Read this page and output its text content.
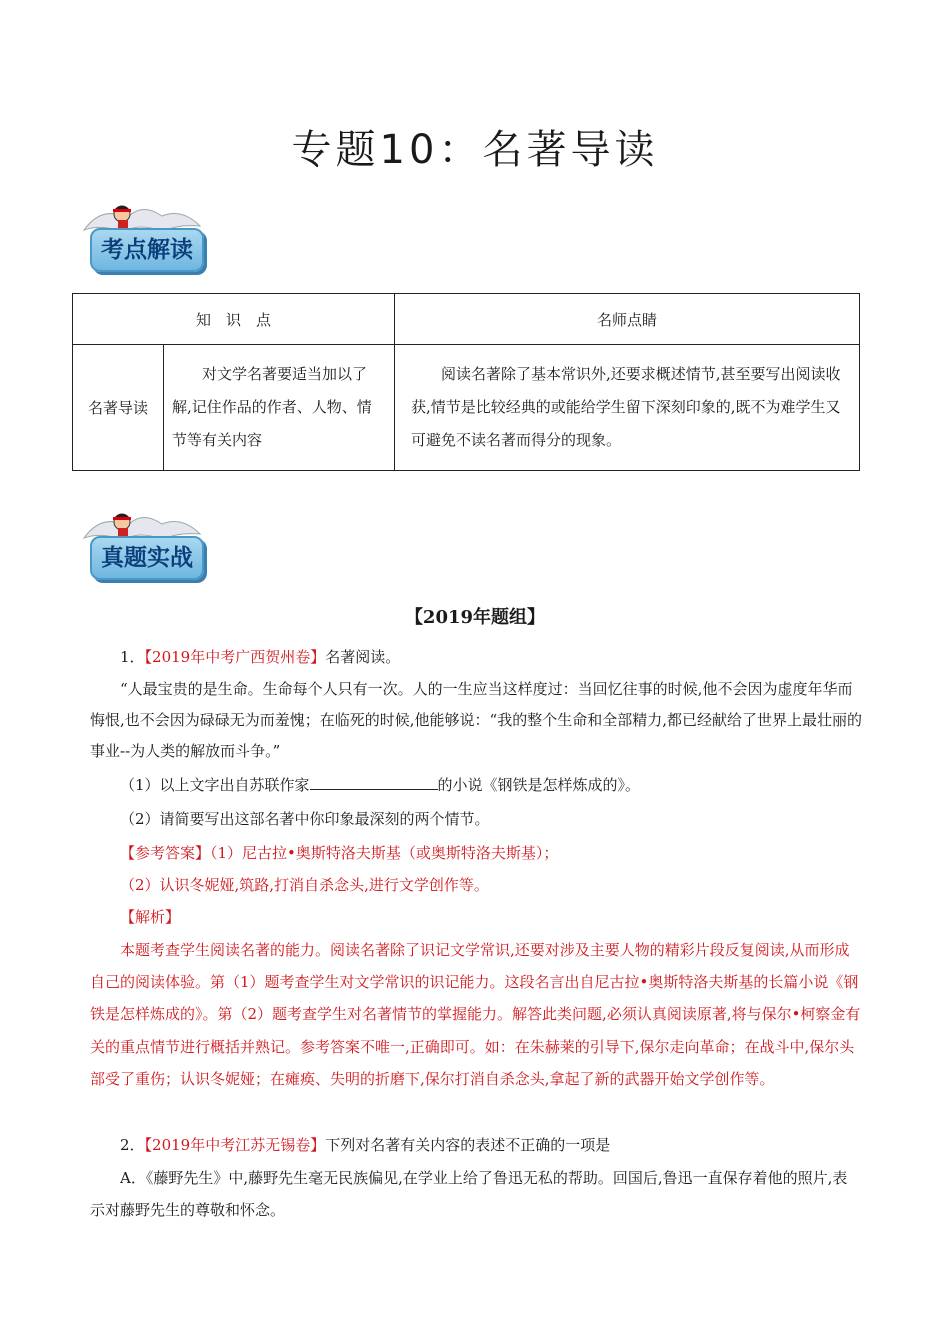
专题10：名著导读
考点解读
知　识　点		名师点睛
名著导读	对文学名著要适当加以了解,记住作品的作者、人物、情节等有关内容	阅读名著除了基本常识外,还要求概述情节,甚至要写出阅读收获,情节是比较经典的或能给学生留下深刻印象的,既不为难学生又可避免不读名著而得分的现象。
真题实战
【2019年题组】
1．【2019年中考广西贺州卷】名著阅读。
“人最宝贵的是生命。生命每个人只有一次。人的一生应当这样度过：当回忆往事的时候,他不会因为虚度年华而悔恨,也不会因为碌碌无为而羞愧；在临死的时候,他能够说：“我的整个生命和全部精力,都已经献给了世界上最壮丽的事业--为人类的解放而斗争。”
（1）以上文字出自苏联作家	的小说《钢铁是怎样炼成的》。
（2）请简要写出这部名著中你印象最深刻的两个情节。
【参考答案】（1）尼古拉•奥斯特洛夫斯基（或奥斯特洛夫斯基）；
（2）认识冬妮娅,筑路,打消自杀念头,进行文学创作等。
【解析】
本题考查学生阅读名著的能力。阅读名著除了识记文学常识,还要对涉及主要人物的精彩片段反复阅读,从而形成自己的阅读体验。第（1）题考查学生对文学常识的识记能力。这段名言出自尼古拉•奥斯特洛夫斯基的长篇小说《钢铁是怎样炼成的》。第（2）题考查学生对名著情节的掌握能力。解答此类问题,必须认真阅读原著,将与保尔•柯察金有关的重点情节进行概括并熟记。参考答案不唯一,正确即可。如：在朱赫莱的引导下,保尔走向革命；在战斗中,保尔头部受了重伤；认识冬妮娅；在瘫痪、失明的折磨下,保尔打消自杀念头,拿起了新的武器开始文学创作等。
2．【2019年中考江苏无锡卷】下列对名著有关内容的表述不正确的一项是
A．《藤野先生》中,藤野先生毫无民族偏见,在学业上给了鲁迅无私的帮助。回国后,鲁迅一直保存着他的照片,表示对藤野先生的尊敬和怀念。
